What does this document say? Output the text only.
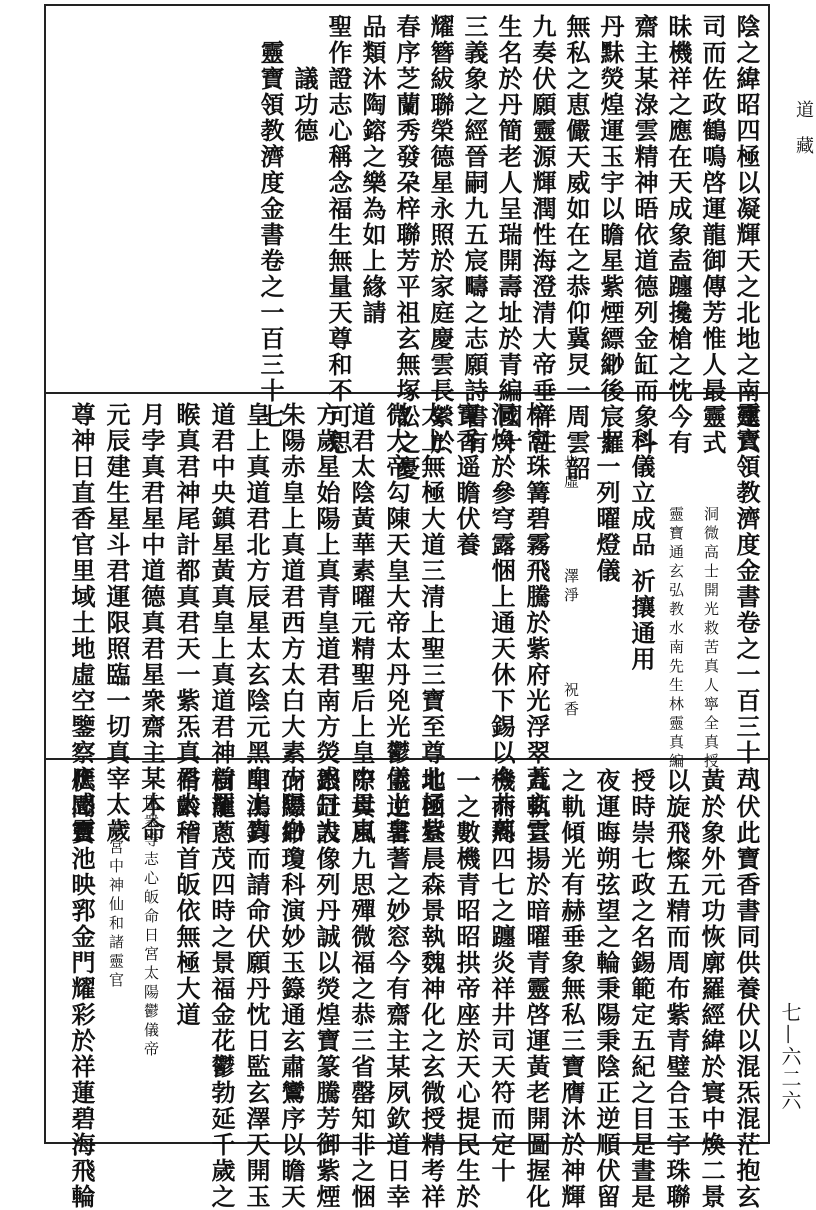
道　藏
七—六二六
陰之緯昭四極以凝輝天之北地之南建六
司而佐政鶴鳴啓運龍御傳芳惟人最靈式
昧機祥之應在天成象盍躔攙槍之忱今有
齋主某淥雲精神晤依道德列金缸而象斗
丹䵢熒煌運玉宇以瞻星紫煙縹緲後宸羅
無私之恵儼天威如在之恭仰冀炅一周雲韶
九奏伏願靈源輝潤性海澄清大帝垂祥注
生名於丹簡老人呈瑞開壽址於青編國十
三義象之經晉嗣九五宸疇之志願詩書有
耀簪紱聯榮德星永照於家庭慶雲長縈於
春序芝蘭秀發朶梓聯芳平祖玄無塚訟之憂
品類沐陶鎔之樂為如上緣請
聖作證志心稱念福生無量天尊和不可思
議功德
靈寶領教濟度金書卷之一百三十七
靈寶領教濟度金書卷之一百三十八
洞微高士開光救苦真人寧全真授
靈寶通玄弘教水南先生林靈真編
科儀立成品 祈攘通用
十一列曜燈儀
步虛　　　　澤淨　　　　祝香
梓窩珠篝碧霧飛騰於紫府光浮翠蓋玄雲
洞煥於參穹露悃上通天休下錫以今恭爇
寶香遥瞻伏養
太上無極大道三清上聖三寶至尊北極紫
微大帝勾陳天皇大帝太丹兇光鬱儀上皇
道君太陰黃華素曜元精聖后上皇中母東
方歲星始陽上真青皇道君南方熒惑丹大
朱陽赤皇上真道君西方太白大素少陽白
皇上真道君北方辰星太玄陰元黑皇上真
道君中央鎮星黃真皇上真道君神首羅
睺真君神尾計都真君天一紫炁真君太一
月孛真君星中道德真君星衆齋主某本命
元辰建生星斗君運限照臨一切真宰太歲
尊神日直香官里域土地虛空鑒察應感靈
司伏此寶香書同供養伏以混炁混茫抱玄
黃於象外元功恢廓羅經緯於寰中煥二景
以旋飛燦五精而周布紫青璧合玉宇珠聯
授時崇七政之名錫範定五紀之目是晝是
夜運晦朔弦望之輪秉陽秉陰正逆順伏留
之軌傾光有赫垂象無私三寶膺沐於神輝
九軌宣揚於暗曜青靈啓運黃老開圖握化
機而周四七之躔炎祥井司天符而定十
一之數機青昭昭拱帝座於天心提民生於
地函昼晨森景執魏神化之玄微授精考祥
盂逆著蓍之妙窓今有齋主某夙欽道日幸
際真風九思殫微福之恭三省罄知非之悃
銀缸設像列丹誠以熒煌寶篆騰芳御紫煙
而縹緲瓊科演妙玉籙通玄肅鸞序以瞻天
叩鴻鈞而請命伏願丹忱日監玄澤天開玉
樹龍蔥茂四時之景福金花鬱勃延千歲之
脩齡稽首皈依無極大道
臣衆等志心皈命日宮太陽鬱儀帝
君宮中神仙和諸靈官
伏聞寶池映郛金門耀彩於祥蓮碧海飛輪
